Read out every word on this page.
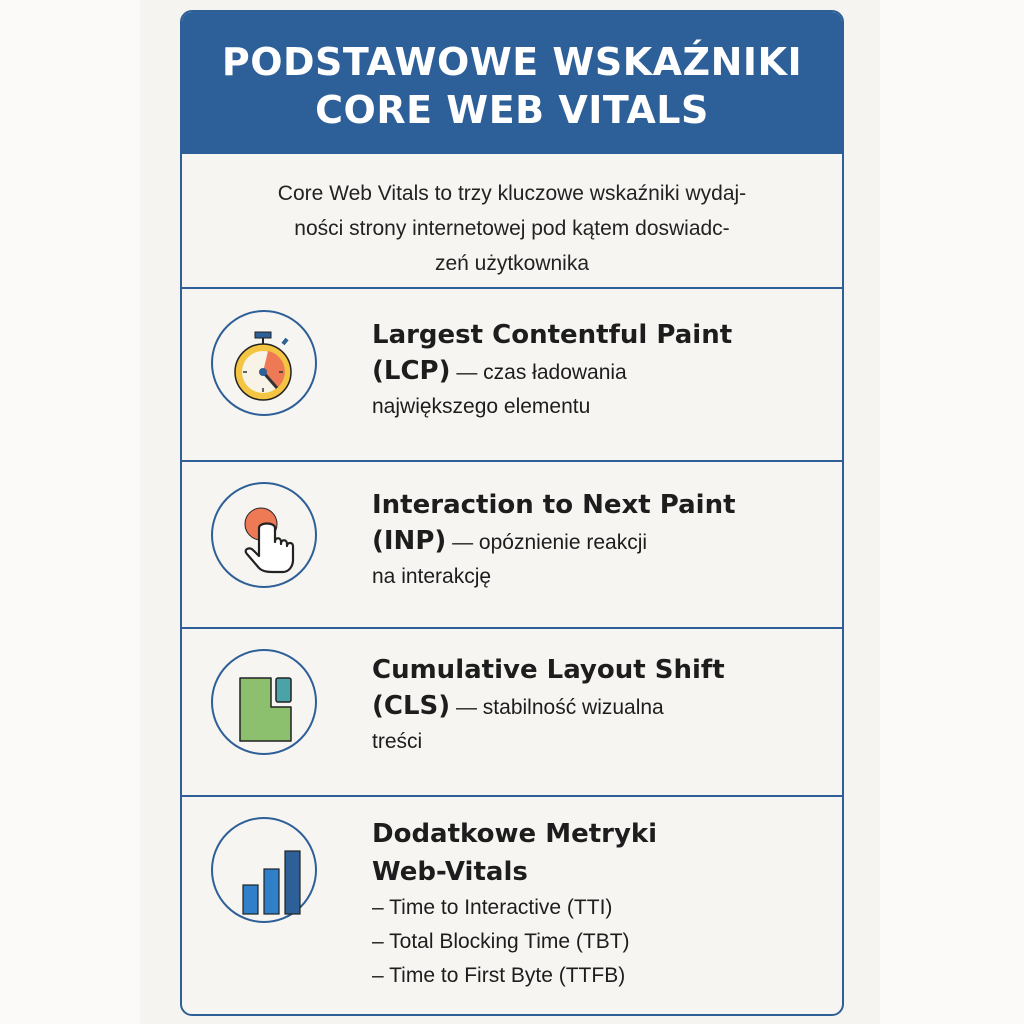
PODSTAWOWE WSKAŹNIKI
CORE WEB VITALS
Core Web Vitals to trzy kluczowe wskaźniki wydaj-
ności strony internetowej pod kątem doswiadc-
zeń użytkownika
Largest Contentful Paint
(LCP) — czas ładowania
największego elementu
Interaction to Next Paint
(INP) — opóznienie reakcji
na interakcję
Cumulative Layout Shift
(CLS) — stabilność wizualna
treści
Dodatkowe Metryki
Web-Vitals
– Time to Interactive (TTI)
– Total Blocking Time (TBT)
– Time to First Byte (TTFB)
